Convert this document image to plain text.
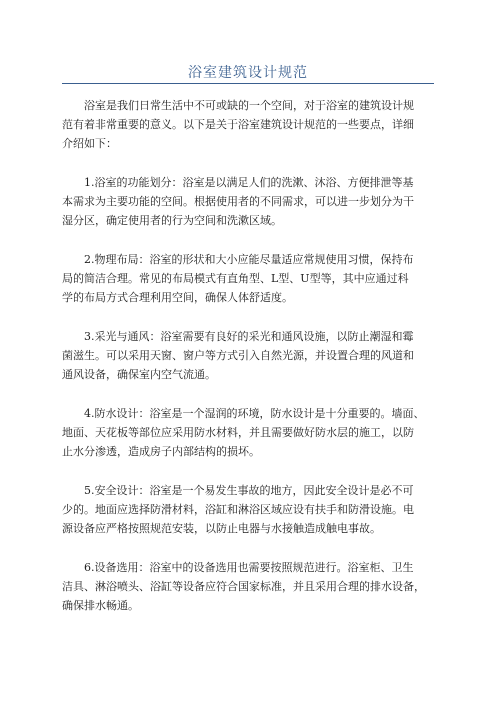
浴室建筑设计规范

浴室是我们日常生活中不可或缺的一个空间，对于浴室的建筑设计规
范有着非常重要的意义。以下是关于浴室建筑设计规范的一些要点，详细
介绍如下：

1.浴室的功能划分：浴室是以满足人们的洗漱、沐浴、方便排泄等基
本需求为主要功能的空间。根据使用者的不同需求，可以进一步划分为干
湿分区，确定使用者的行为空间和洗漱区域。

2.物理布局：浴室的形状和大小应能尽量适应常规使用习惯，保持布
局的简洁合理。常见的布局模式有直角型、L型、U型等，其中应通过科
学的布局方式合理利用空间，确保人体舒适度。

3.采光与通风：浴室需要有良好的采光和通风设施，以防止潮湿和霉
菌滋生。可以采用天窗、窗户等方式引入自然光源，并设置合理的风道和
通风设备，确保室内空气流通。

4.防水设计：浴室是一个湿润的环境，防水设计是十分重要的。墙面、
地面、天花板等部位应采用防水材料，并且需要做好防水层的施工，以防
止水分渗透，造成房子内部结构的损坏。

5.安全设计：浴室是一个易发生事故的地方，因此安全设计是必不可
少的。地面应选择防滑材料，浴缸和淋浴区域应设有扶手和防滑设施。电
源设备应严格按照规范安装，以防止电器与水接触造成触电事故。

6.设备选用：浴室中的设备选用也需要按照规范进行。浴室柜、卫生
洁具、淋浴喷头、浴缸等设备应符合国家标准，并且采用合理的排水设备，
确保排水畅通。
